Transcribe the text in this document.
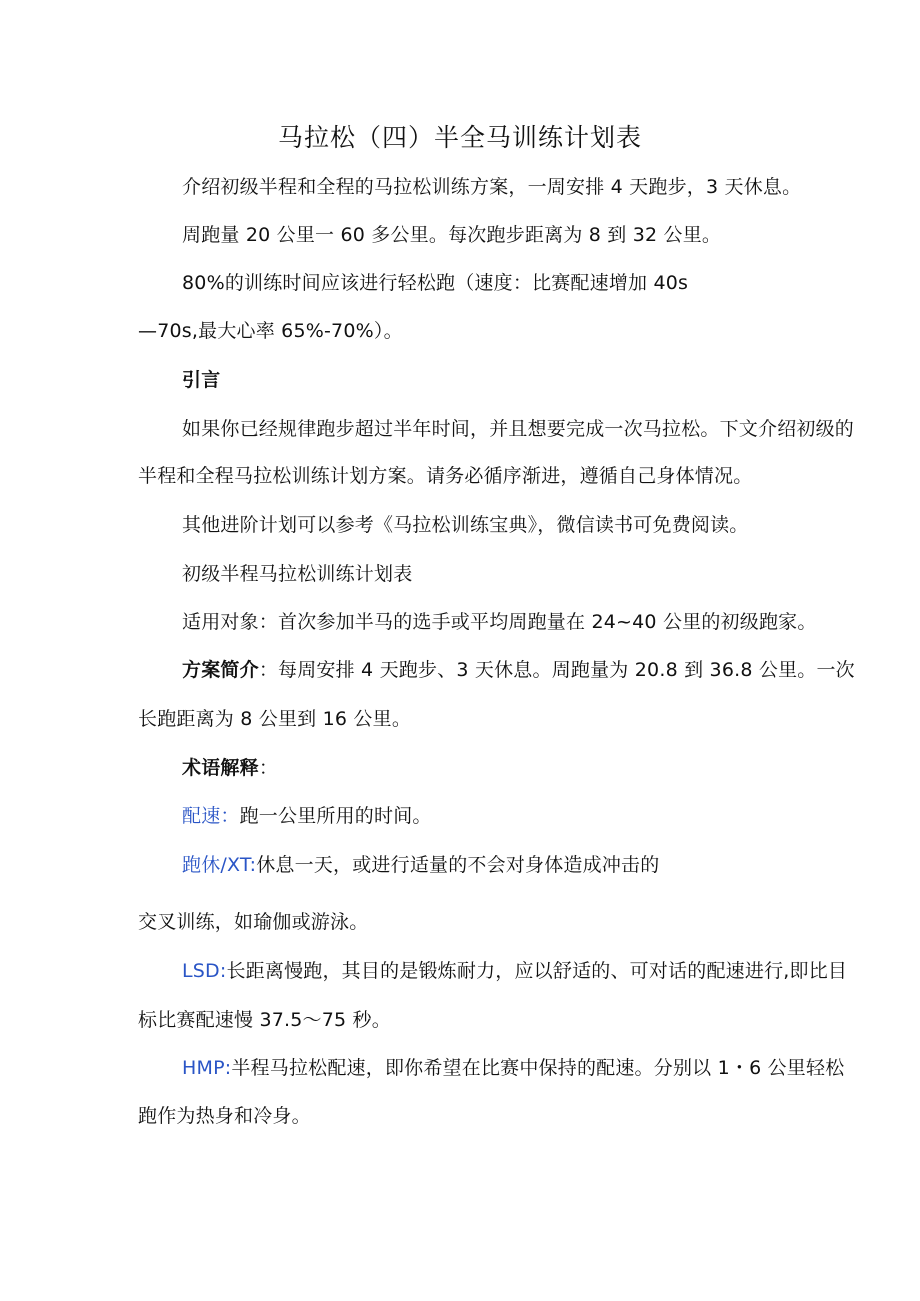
马拉松（四）半全马训练计划表
介绍初级半程和全程的马拉松训练方案，一周安排 4 天跑步，3 天休息。
周跑量 20 公里一 60 多公里。每次跑步距离为 8 到 32 公里。
80%的训练时间应该进行轻松跑（速度：比赛配速增加 40s
—70s,最大心率 65%-70%）。
引言
如果你已经规律跑步超过半年时间，并且想要完成一次马拉松。下文介绍初级的
半程和全程马拉松训练计划方案。请务必循序渐进，遵循自己身体情况。
其他进阶计划可以参考《马拉松训练宝典》，微信读书可免费阅读。
初级半程马拉松训练计划表
适用对象：首次参加半马的选手或平均周跑量在 24~40 公里的初级跑家。
方案简介：每周安排 4 天跑步、3 天休息。周跑量为 20.8 到 36.8 公里。一次
长跑距离为 8 公里到 16 公里。
术语解释：
配速：跑一公里所用的时间。
跑休/XT:休息一天，或进行适量的不会对身体造成冲击的
交叉训练，如瑜伽或游泳。
LSD:长距离慢跑，其目的是锻炼耐力，应以舒适的、可对话的配速进行,即比目
标比赛配速慢 37.5〜75 秒。
HMP:半程马拉松配速，即你希望在比赛中保持的配速。分别以 1・6 公里轻松
跑作为热身和冷身。
